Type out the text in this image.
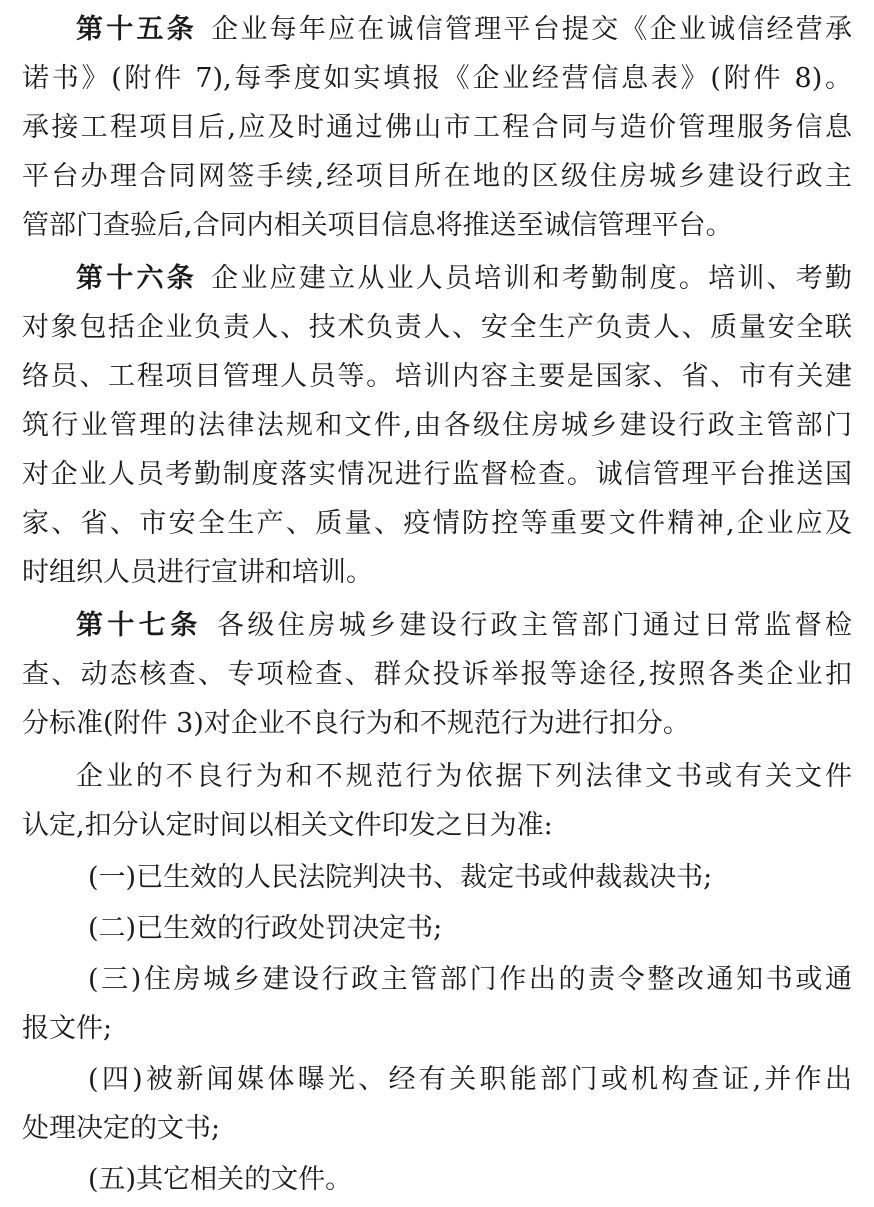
第十五条 企业每年应在诚信管理平台提交《企业诚信经营承
诺书》(附件 7),每季度如实填报《企业经营信息表》(附件 8)。
承接工程项目后,应及时通过佛山市工程合同与造价管理服务信息
平台办理合同网签手续,经项目所在地的区级住房城乡建设行政主
管部门查验后,合同内相关项目信息将推送至诚信管理平台。
第十六条 企业应建立从业人员培训和考勤制度。培训、考勤
对象包括企业负责人、技术负责人、安全生产负责人、质量安全联
络员、工程项目管理人员等。培训内容主要是国家、省、市有关建
筑行业管理的法律法规和文件,由各级住房城乡建设行政主管部门
对企业人员考勤制度落实情况进行监督检查。诚信管理平台推送国
家、省、市安全生产、质量、疫情防控等重要文件精神,企业应及
时组织人员进行宣讲和培训。
第十七条 各级住房城乡建设行政主管部门通过日常监督检
查、动态核查、专项检查、群众投诉举报等途径,按照各类企业扣
分标准(附件 3)对企业不良行为和不规范行为进行扣分。
企业的不良行为和不规范行为依据下列法律文书或有关文件
认定,扣分认定时间以相关文件印发之日为准:
(一)已生效的人民法院判决书、裁定书或仲裁裁决书;
(二)已生效的行政处罚决定书;
(三)住房城乡建设行政主管部门作出的责令整改通知书或通
报文件;
(四)被新闻媒体曝光、经有关职能部门或机构查证,并作出
处理决定的文书;
(五)其它相关的文件。
